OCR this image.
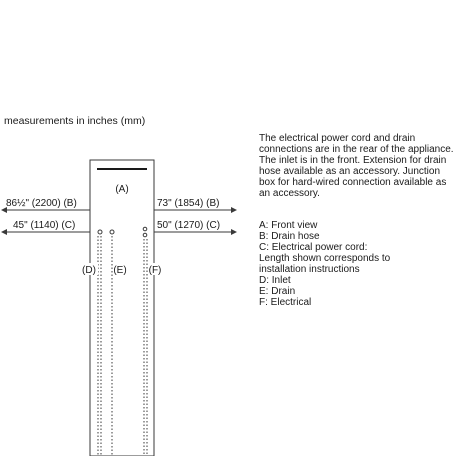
measurements in inches (mm)
(A)
86½" (2200) (B)
45" (1140) (C)
73" (1854) (B)
50" (1270) (C)
(D) (E) (F)
The electrical power cord and drain connections are in the rear of the appliance. The inlet is in the front. Extension for drain hose available as an accessory. Junction box for hard-wired connection available as an accessory.
A: Front view
B: Drain hose
C: Electrical power cord:
Length shown corresponds to
installation instructions
D: Inlet
E: Drain
F: Electrical
